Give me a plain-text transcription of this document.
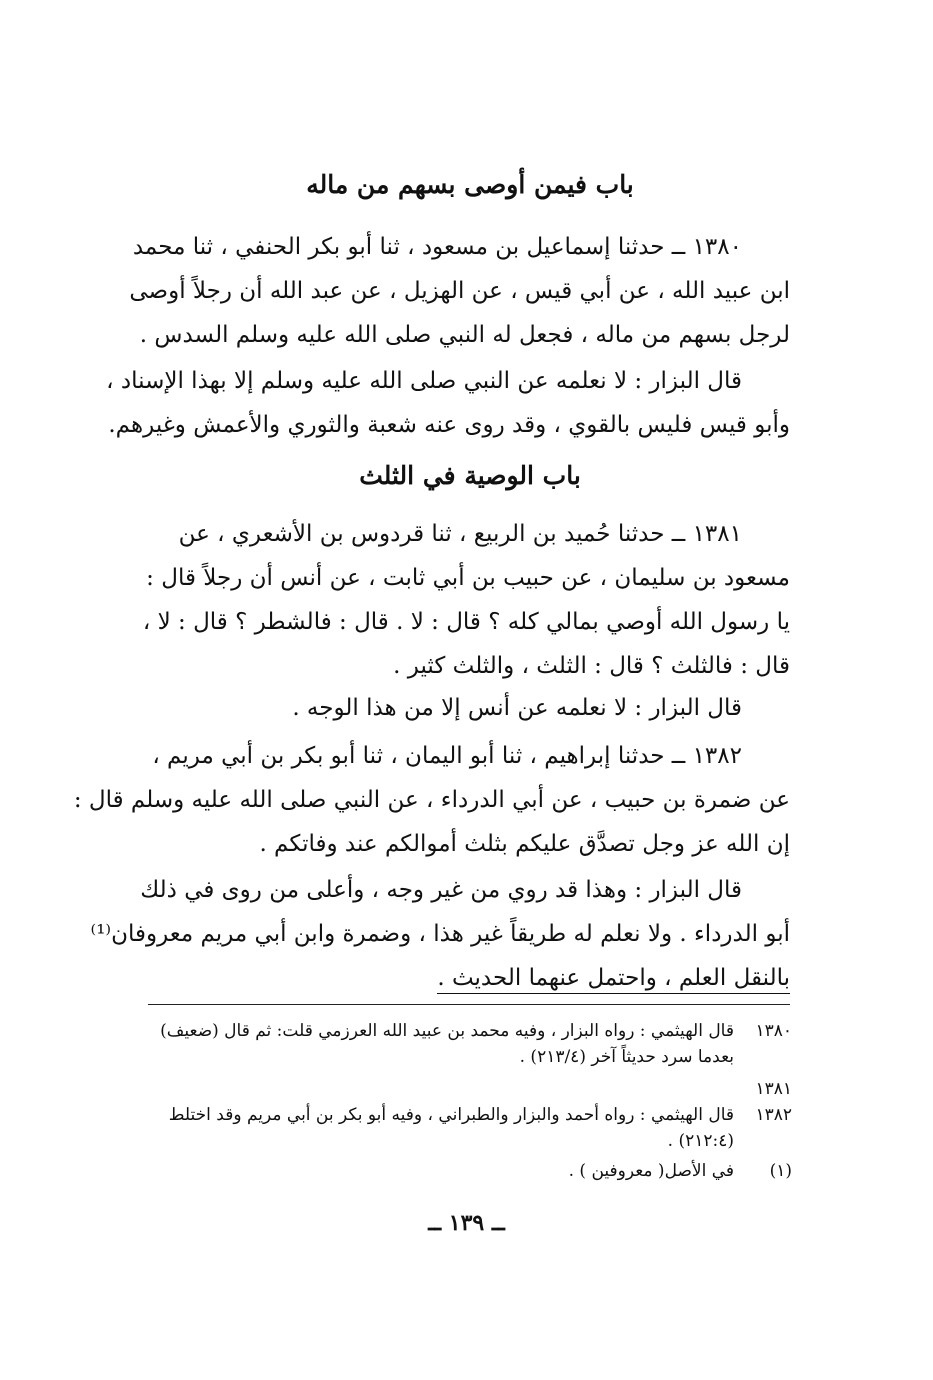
باب فيمن أوصى بسهم من ماله
١٣٨٠ ــ حدثنا إسماعيل بن مسعود ، ثنا أبو بكر الحنفي ، ثنا محمد
ابن عبيد الله ، عن أبي قيس ، عن الهزيل ، عن عبد الله أن رجلاً أوصى
لرجل بسهم من ماله ، فجعل له النبي صلى الله عليه وسلم السدس .
قال البزار : لا نعلمه عن النبي صلى الله عليه وسلم إلا بهذا الإسناد ،
وأبو قيس فليس بالقوي ، وقد روى عنه شعبة والثوري والأعمش وغيرهم.
باب الوصية في الثلث
١٣٨١ ــ حدثنا حُميد بن الربيع ، ثنا قردوس بن الأشعري ، عن
مسعود بن سليمان ، عن حبيب بن أبي ثابت ، عن أنس أن رجلاً قال :
يا رسول الله أوصي بمالي كله ؟ قال : لا . قال : فالشطر ؟ قال : لا ،
قال : فالثلث ؟ قال : الثلث ، والثلث كثير .
قال البزار : لا نعلمه عن أنس إلا من هذا الوجه .
١٣٨٢ ــ حدثنا إبراهيم ، ثنا أبو اليمان ، ثنا أبو بكر بن أبي مريم ،
عن ضمرة بن حبيب ، عن أبي الدرداء ، عن النبي صلى الله عليه وسلم قال :
إن الله عز وجل تصدَّق عليكم بثلث أموالكم عند وفاتكم .
قال البزار : وهذا قد روي من غير وجه ، وأعلى من روى في ذلك
أبو الدرداء . ولا نعلم له طريقاً غير هذا ، وضمرة وابن أبي مريم معروفان⁽¹⁾
بالنقل العلم ، واحتمل عنهما الحديث .
١٣٨٠
قال الهيثمي : رواه البزار ، وفيه محمد بن عبيد الله العرزمي قلت: ثم قال (ضعيف)
بعدما سرد حديثاً آخر (٢١٣/٤) .
١٣٨١
١٣٨٢
قال الهيثمي : رواه أحمد والبزار والطبراني ، وفيه أبو بكر بن أبي مريم وقد اختلط
(٢١٢:٤) .
(١)
في الأصل( معروفين ) .
ــ ١٣٩ ــ
